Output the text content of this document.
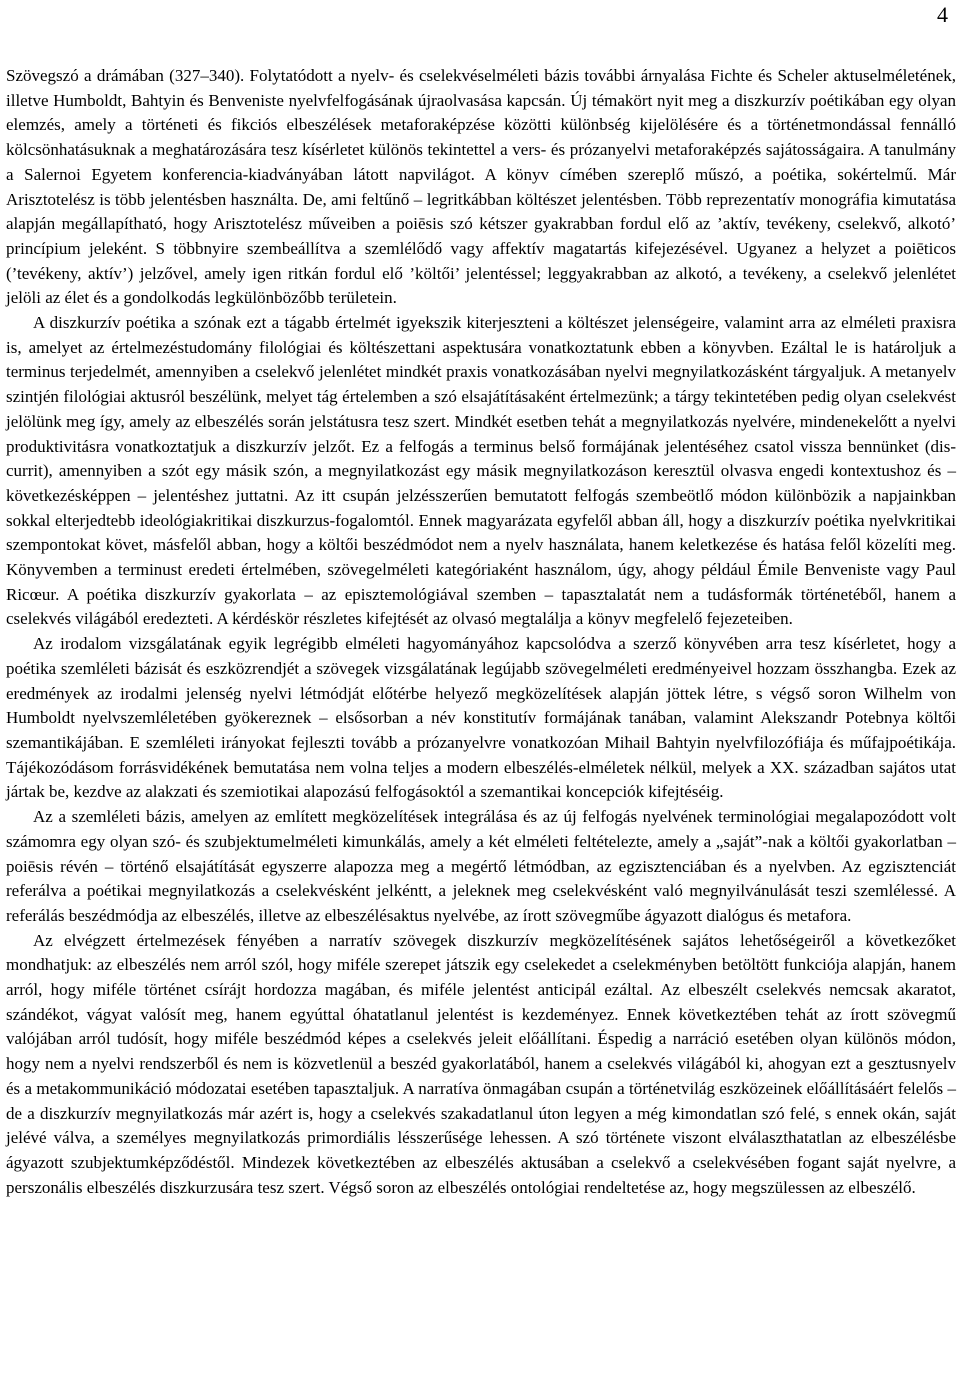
4

Szövegszó a drámában (327–340). Folytatódott a nyelv- és cselekvéselméleti bázis további árnyalása Fichte és Scheler aktuselméletének, illetve Humboldt, Bahtyin és Benveniste nyelvfelfogásának újraolvasása kapcsán. Új témakört nyit meg a diszkurzív poétikában egy olyan elemzés, amely a történeti és fikciós elbeszélések metaforaképzése közötti különbség kijelölésére és a történetmondással fennálló kölcsönhatásuknak a meghatározására tesz kísérletet különös tekintettel a vers- és prózanyelvi metaforaképzés sajátosságaira. A tanulmány a Salernoi Egyetem konferencia-kiadványában látott napvilágot. A könyv címében szereplő műszó, a poétika, sokértelmű. Már Arisztotelész is több jelentésben használta. De, ami feltűnő – legritkábban költészet jelentésben. Több reprezentatív monográfia kimutatása alapján megállapítható, hogy Arisztotelész műveiben a poiēsis szó kétszer gyakrabban fordul elő az ’aktív, tevékeny, cselekvő, alkotó’ princípium jeleként. S többnyire szembeállítva a szemlélődő vagy affektív magatartás kifejezésével. Ugyanez a helyzet a poiēticos (’tevékeny, aktív’) jelzővel, amely igen ritkán fordul elő ’költői’ jelentéssel; leggyakrabban az alkotó, a tevékeny, a cselekvő jelenlétet jelöli az élet és a gondolkodás legkülönbözőbb területein.

A diszkurzív poétika a szónak ezt a tágabb értelmét igyekszik kiterjeszteni a költészet jelenségeire, valamint arra az elméleti praxisra is, amelyet az értelmezéstudomány filológiai és költészettani aspektusára vonatkoztatunk ebben a könyvben. Ezáltal le is határoljuk a terminus terjedelmét, amennyiben a cselekvő jelenlétet mindkét praxis vonatkozásában nyelvi megnyilatkozásként tárgyaljuk. A metanyelv szintjén filológiai aktusról beszélünk, melyet tág értelemben a szó elsajátításaként értelmezünk; a tárgy tekintetében pedig olyan cselekvést jelölünk meg így, amely az elbeszélés során jelstátusra tesz szert. Mindkét esetben tehát a megnyilatkozás nyelvére, mindenekelőtt a nyelvi produktivitásra vonatkoztatjuk a diszkurzív jelzőt. Ez a felfogás a terminus belső formájának jelentéséhez csatol vissza bennünket (dis- currit), amennyiben a szót egy másik szón, a megnyilatkozást egy másik megnyilatkozáson keresztül olvasva engedi kontextushoz és – következésképpen – jelentéshez juttatni. Az itt csupán jelzésszerűen bemutatott felfogás szembeötlő módon különbözik a napjainkban sokkal elterjedtebb ideológiakritikai diszkurzus-fogalomtól. Ennek magyarázata egyfelől abban áll, hogy a diszkurzív poétika nyelvkritikai szempontokat követ, másfelől abban, hogy a költői beszédmódot nem a nyelv használata, hanem keletkezése és hatása felől közelíti meg. Könyvemben a terminust eredeti értelmében, szövegelméleti kategóriaként használom, úgy, ahogy például Émile Benveniste vagy Paul Ricœur. A poétika diszkurzív gyakorlata – az episztemológiával szemben – tapasztalatát nem a tudásformák történetéből, hanem a cselekvés világából eredezteti. A kérdéskör részletes kifejtését az olvasó megtalálja a könyv megfelelő fejezeteiben.

Az irodalom vizsgálatának egyik legrégibb elméleti hagyományához kapcsolódva a szerző könyvében arra tesz kísérletet, hogy a poétika szemléleti bázisát és eszközrendjét a szövegek vizsgálatának legújabb szövegelméleti eredményeivel hozzam összhangba. Ezek az eredmények az irodalmi jelenség nyelvi létmódját előtérbe helyező megközelítések alapján jöttek létre, s végső soron Wilhelm von Humboldt nyelvszemléletében gyökereznek – elsősorban a név konstitutív formájának tanában, valamint Alekszandr Potebnya költői szemantikájában. E szemléleti irányokat fejleszti tovább a prózanyelvre vonatkozóan Mihail Bahtyin nyelvfilozófiája és műfajpoétikája. Tájékozódásom forrásvidékének bemutatása nem volna teljes a modern elbeszélés-elméletek nélkül, melyek a XX. században sajátos utat jártak be, kezdve az alakzati és szemiotikai alapozású felfogásoktól a szemantikai koncepciók kifejtéséig.

Az a szemléleti bázis, amelyen az említett megközelítések integrálása és az új felfogás nyelvének terminológiai megalapozódott volt számomra egy olyan szó- és szubjektumelméleti kimunkálás, amely a két elméleti feltételezte, amely a „saját”-nak a költői gyakorlatban – poiēsis révén – történő elsajátítását egyszerre alapozza meg a megértő létmódban, az egzisztenciában és a nyelvben. Az egzisztenciát referálva a poétikai megnyilatkozás a cselekvésként jelkéntt, a jeleknek meg cselekvésként való megnyilvánulását teszi szemlélessé. A referálás beszédmódja az elbeszélés, illetve az elbeszélésaktus nyelvébe, az írott szövegműbe ágyazott dialógus és metafora.

Az elvégzett értelmezések fényében a narratív szövegek diszkurzív megközelítésének sajátos lehetőségeiről a következőket mondhatjuk: az elbeszélés nem arról szól, hogy miféle szerepet játszik egy cselekedet a cselekményben betöltött funkciója alapján, hanem arról, hogy miféle történet csírájt hordozza magában, és miféle jelentést anticipál ezáltal. Az elbeszélt cselekvés nemcsak akaratot, szándékot, vágyat valósít meg, hanem egyúttal óhatatlanul jelentést is kezdeményez. Ennek következtében tehát az írott szövegmű valójában arról tudósít, hogy miféle beszédmód képes a cselekvés jeleit előállítani. Éspedig a narráció esetében olyan különös módon, hogy nem a nyelvi rendszerből és nem is közvetlenül a beszéd gyakorlatából, hanem a cselekvés világából ki, ahogyan ezt a gesztusnyelv és a metakommunikáció módozatai esetében tapasztaljuk. A narratíva önmagában csupán a történetvilág eszközeinek előállításáért felelős – de a diszkurzív megnyilatkozás már azért is, hogy a cselekvés szakadatlanul úton legyen a még kimondatlan szó felé, s ennek okán, saját jelévé válva, a személyes megnyilatkozás primordiális lésszerűsége lehessen. A szó története viszont elválaszthatatlan az elbeszélésbe ágyazott szubjektumképződéstől. Mindezek következtében az elbeszélés aktusában a cselekvő a cselekvésében fogant saját nyelvre, a perszonális elbeszélés diszkurzusára tesz szert. Végső soron az elbeszélés ontológiai rendeltetése az, hogy megszülessen az elbeszélő.
